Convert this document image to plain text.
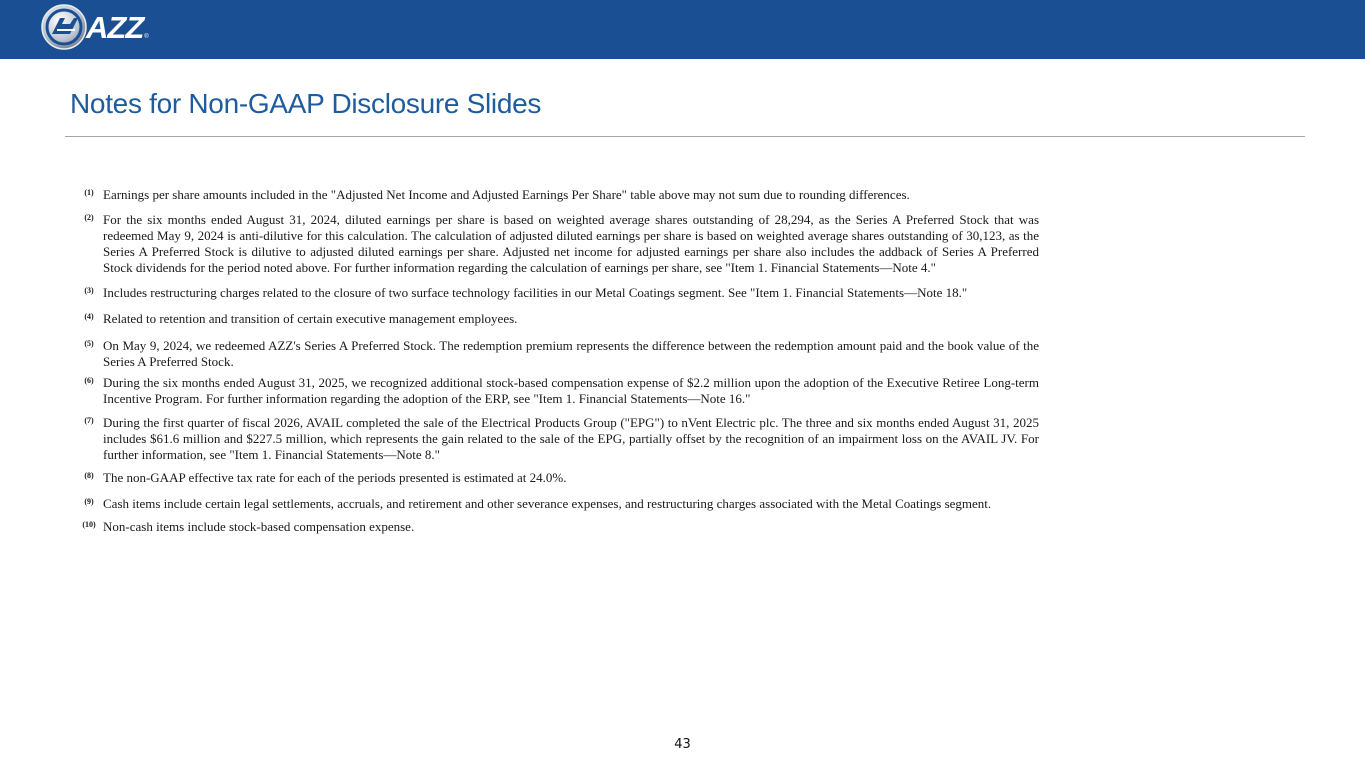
AZZ ®
Notes for Non-GAAP Disclosure Slides
(1) Earnings per share amounts included in the "Adjusted Net Income and Adjusted Earnings Per Share" table above may not sum due to rounding differences.
(2) For the six months ended August 31, 2024, diluted earnings per share is based on weighted average shares outstanding of 28,294, as the Series A Preferred Stock that was redeemed May 9, 2024 is anti-dilutive for this calculation. The calculation of adjusted diluted earnings per share is based on weighted average shares outstanding of 30,123, as the Series A Preferred Stock is dilutive to adjusted diluted earnings per share. Adjusted net income for adjusted earnings per share also includes the addback of Series A Preferred Stock dividends for the period noted above. For further information regarding the calculation of earnings per share, see "Item 1. Financial Statements—Note 4."
(3) Includes restructuring charges related to the closure of two surface technology facilities in our Metal Coatings segment. See "Item 1. Financial Statements—Note 18."
(4) Related to retention and transition of certain executive management employees.
(5) On May 9, 2024, we redeemed AZZ's Series A Preferred Stock. The redemption premium represents the difference between the redemption amount paid and the book value of the Series A Preferred Stock.
(6) During the six months ended August 31, 2025, we recognized additional stock-based compensation expense of $2.2 million upon the adoption of the Executive Retiree Long-term Incentive Program. For further information regarding the adoption of the ERP, see "Item 1. Financial Statements—Note 16."
(7) During the first quarter of fiscal 2026, AVAIL completed the sale of the Electrical Products Group ("EPG") to nVent Electric plc. The three and six months ended August 31, 2025 includes $61.6 million and $227.5 million, which represents the gain related to the sale of the EPG, partially offset by the recognition of an impairment loss on the AVAIL JV. For further information, see "Item 1. Financial Statements—Note 8."
(8) The non-GAAP effective tax rate for each of the periods presented is estimated at 24.0%.
(9) Cash items include certain legal settlements, accruals, and retirement and other severance expenses, and restructuring charges associated with the Metal Coatings segment.
(10) Non-cash items include stock-based compensation expense.
43
